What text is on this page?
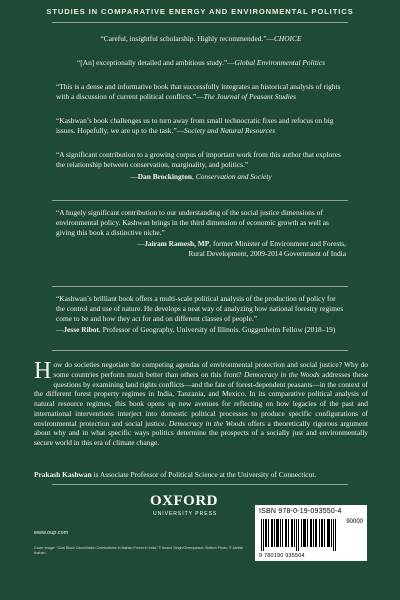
STUDIES IN COMPARATIVE ENERGY AND ENVIRONMENTAL POLITICS

“Careful, insightful scholarship. Highly recommended.”—CHOICE

“[An] exceptionally detailed and ambitious study.”—Global Environmental Politics

“This is a dense and informative book that successfully integrates an historical analysis of rights with a discussion of current political conflicts.”—The Journal of Peasant Studies

“Kashwan’s book challenges us to turn away from small technocratic fixes and refocus on big issues. Hopefully, we are up to the task.”—Society and Natural Resources

“A significant contribution to a growing corpus of important work from this author that explores the relationship between conservation, marginality, and politics.”

—Dan Brockington, Conservation and Society

“A hugely significant contribution to our understanding of the social justice dimensions of environmental policy. Kashwan brings in the third dimension of economic growth as well as giving this book a distinctive niche.”

—Jairam Ramesh, MP, former Minister of Environment and Forests,
Rural Development, 2009-2014 Government of India

“Kashwan’s brilliant book offers a multi-scale political analysis of the production of policy for the control and use of nature. He develops a neat way of analyzing how national forestry regimes come to be and how they act for and on different classes of people.”

—Jesse Ribot, Professor of Geography, University of Illinois. Guggenheim Fellow (2018–19)

How do societies negotiate the competing agendas of environmental protection and social justice? Why do some countries perform much better than others on this front? Democracy in the Woods addresses these questions by examining land rights conflicts—and the fate of forest-dependent peasants—in the context of the different forest property regimes in India, Tanzania, and Mexico. In its comparative political analysis of natural resource regimes, this book opens up new avenues for reflecting on how legacies of the past and international interventions interject into domestic political processes to produce specific configurations of environmental protection and social justice. Democracy in the Woods offers a theoretically rigorous argument about why and in what specific ways politics determine the prospects of a socially just and environmentally secure world in this era of climate change.
Prakash Kashwan is Associate Professor of Political Science at the University of Connecticut.
OXFORD
UNIVERSITY PRESS
www.oup.com
Cover image: “Coal Block Cancellation Celebrations in Mahan Forest in India” © Anand Singh/Greenpeace; Bottom Photo: © Ashish Kothari.
ISBN 978-0-19-093550-4
90000
9 780190 935504
